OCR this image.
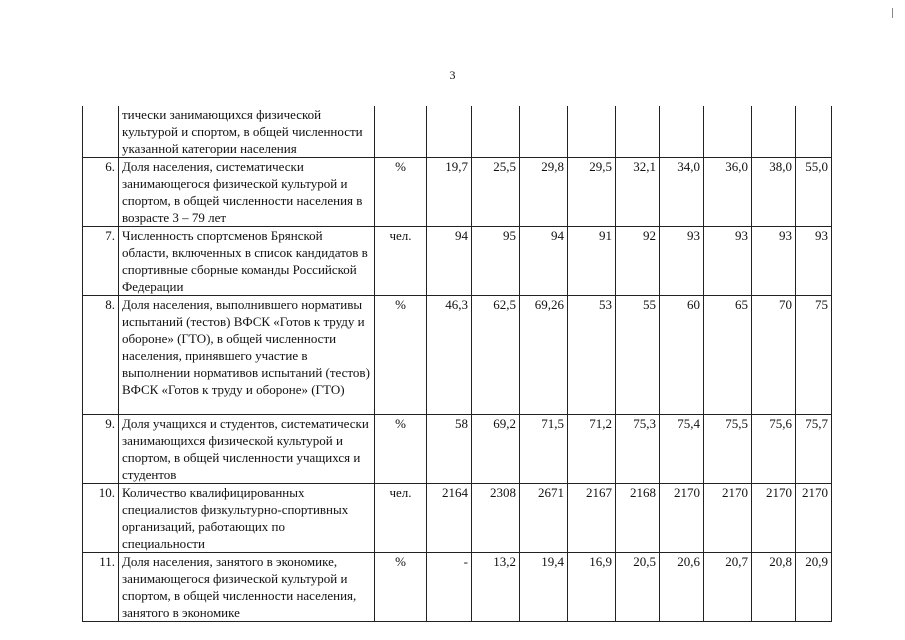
3
	тически занимающихся физической культурой и спортом, в общей численности указанной категории населения										
6.	Доля населения, систематически занимающегося физической культурой и спортом, в общей численности населения в возрасте 3 – 79 лет	%	19,7	25,5	29,8	29,5	32,1	34,0	36,0	38,0	55,0
7.	Численность спортсменов Брянской области, включенных в список кандидатов в спортивные сборные команды Российской Федерации	чел.	94	95	94	91	92	93	93	93	93
8.	Доля населения, выполнившего нормативы испытаний (тестов) ВФСК «Готов к труду и обороне» (ГТО), в общей численности населения, принявшего участие в выполнении нормативов испытаний (тестов) ВФСК «Готов к труду и обороне» (ГТО)	%	46,3	62,5	69,26	53	55	60	65	70	75
9.	Доля учащихся и студентов, систематически занимающихся физической культурой и спортом, в общей численности учащихся и студентов	%	58	69,2	71,5	71,2	75,3	75,4	75,5	75,6	75,7
10.	Количество квалифицированных специалистов физкультурно-спортивных организаций, работающих по специальности	чел.	2164	2308	2671	2167	2168	2170	2170	2170	2170
11.	Доля населения, занятого в экономике, занимающегося физической культурой и спортом, в общей численности населения, занятого в экономике	%	-	13,2	19,4	16,9	20,5	20,6	20,7	20,8	20,9
